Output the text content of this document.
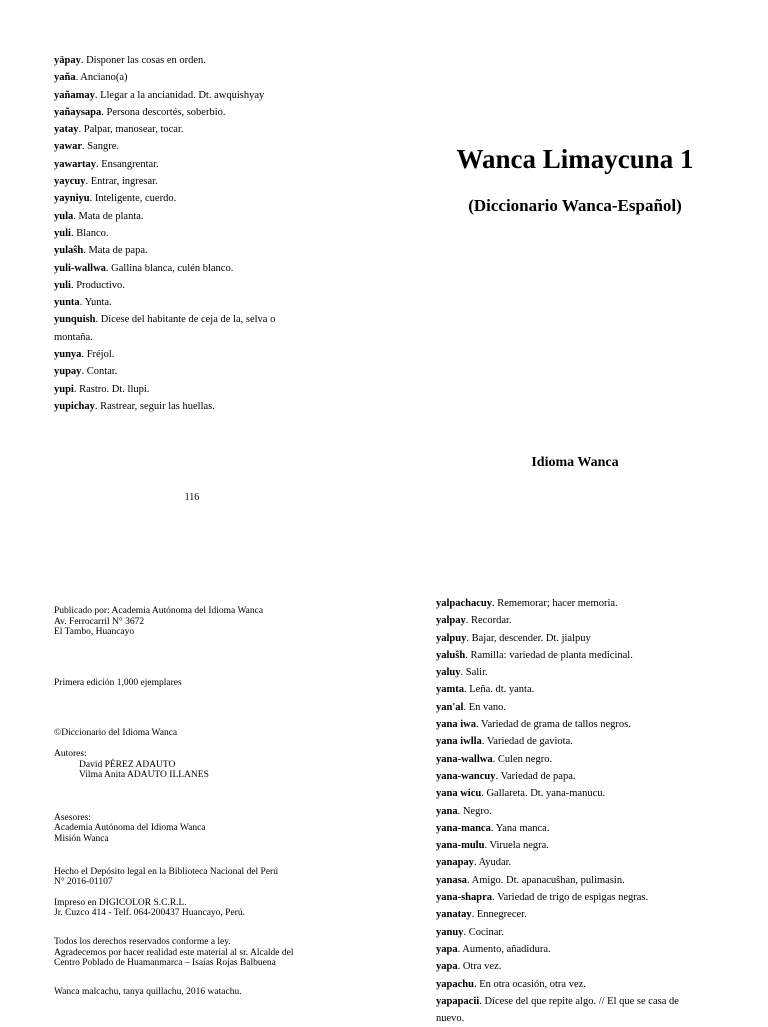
yäpay. Disponer las cosas en orden.
yaña. Anciano(a)
yañamay. Llegar a la ancianidad. Dt. awquishyay
yañaysapa. Persona descortés, soberbio.
yatay. Palpar, manosear, tocar.
yawar. Sangre.
yawartay. Ensangrentar.
yaycuy. Entrar, ingresar.
yayniyu. Inteligente, cuerdo.
yula. Mata de planta.
yuli. Blanco.
yulaŝh. Mata de papa.
yuli-wallwa. Gallina blanca, culén blanco.
yuli. Productivo.
yunta. Yunta.
yunquish. Dícese del habitante de ceja de la, selva o
montaña.
yunya. Fréjol.
yupay. Contar.
yupi. Rastro. Dt. llupi.
yupichay. Rastrear, seguir las huellas.
Wanca Limaycuna 1
(Diccionario Wanca-Español)
Idioma Wanca
116
Publicado por: Academia Autónoma del Idioma Wanca
Av. Ferrocarril N° 3672
El Tambo, Huancayo
Primera edición 1,000 ejemplares
©Diccionario del Idioma Wanca
Autores:
David PÉREZ ADAUTO
Vilma Anita ADAUTO ILLANES
Asesores:
Academia Autónoma del Idioma Wanca
Misión Wanca
Hecho el Depósito legal en la Biblioteca Nacional del Perú
N° 2016-01107
Impreso en DIGICOLOR S.C.R.L.
Jr. Cuzco 414 - Telf. 064-200437 Huancayo, Perú.
Todos los derechos reservados conforme a ley.
Agradecemos por hacer realidad este material al sr. Alcalde del
Centro Poblado de Huamanmarca – Isaías Rojas Balbuena
Wanca malcachu, tanya quillachu, 2016 watachu.
yalpachacuy. Rememorar; hacer memoria.
yalpay. Recordar.
yalpuy. Bajar, descender. Dt. jialpuy
yaluŝh. Ramilla: variedad de planta medicinal.
yaluy. Salir.
yamta. Leña. dt. yanta.
yan'al. En vano.
yana iwa. Variedad de grama de tallos negros.
yana iwlla. Variedad de gaviota.
yana-wallwa. Culen negro.
yana-wancuy. Variedad de papa.
yana wicu. Gallareta. Dt. yana-manucu.
yana. Negro.
yana-manca. Yana manca.
yana-mulu. Viruela negra.
yanapay. Ayudar.
yanasa. Amigo. Dt. apanacuŝhan, pulimasin.
yana-shapra. Variedad de trigo de espigas negras.
yanatay. Ennegrecer.
yanuy. Cocinar.
yapa. Aumento, añadidura.
yapa. Otra vez.
yapachu. En otra ocasión, otra vez.
yapapacii. Dícese del que repite algo. // El que se casa de
nuevo.
